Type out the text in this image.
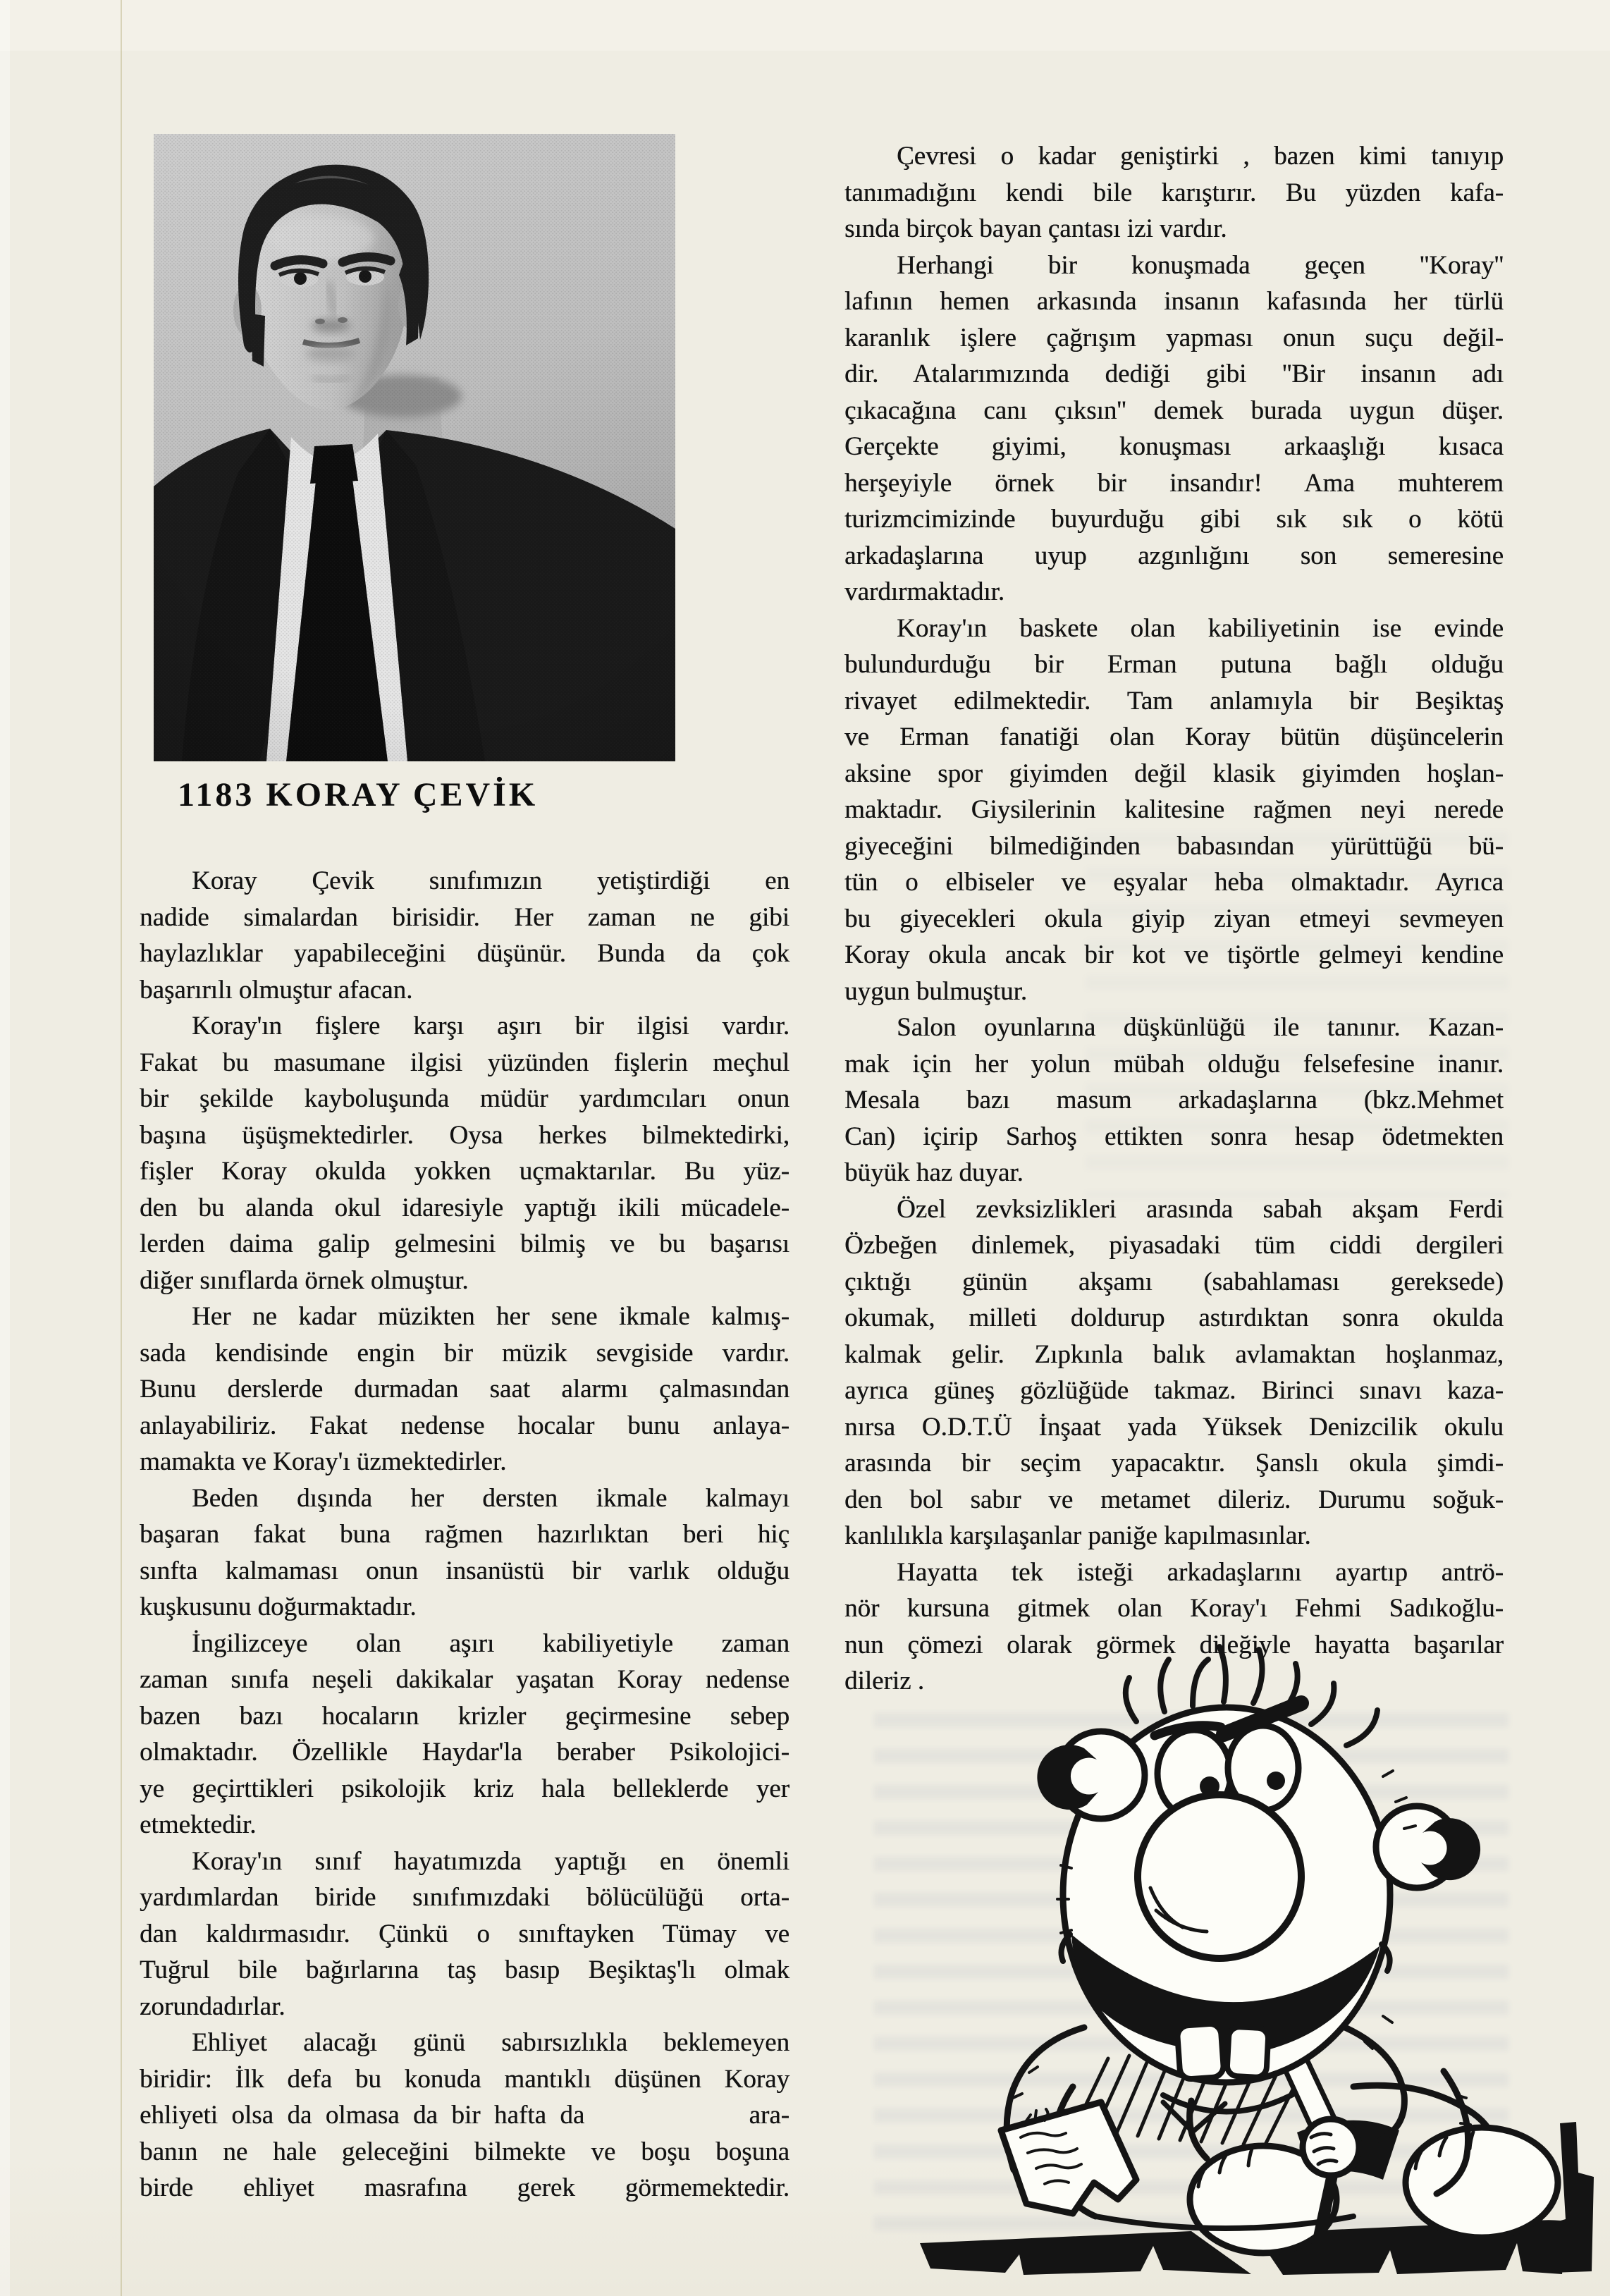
1183 KORAY ÇEVİK
Koray Çevik sınıfımızın yetiştirdiği en
nadide simalardan birisidir. Her zaman ne gibi
haylazlıklar yapabileceğini düşünür. Bunda da çok
başarırılı olmuştur afacan.
Koray'ın fişlere karşı aşırı bir ilgisi vardır.
Fakat bu masumane ilgisi yüzünden fişlerin meçhul
bir şekilde kayboluşunda müdür yardımcıları onun
başına üşüşmektedirler. Oysa herkes bilmektedirki,
fişler Koray okulda yokken uçmaktarılar. Bu yüz-
den bu alanda okul idaresiyle yaptığı ikili mücadele-
lerden daima galip gelmesini bilmiş ve bu başarısı
diğer sınıflarda örnek olmuştur.
Her ne kadar müzikten her sene ikmale kalmış-
sada kendisinde engin bir müzik sevgiside vardır.
Bunu derslerde durmadan saat alarmı çalmasından
anlayabiliriz. Fakat nedense hocalar bunu anlaya-
mamakta ve Koray'ı üzmektedirler.
Beden dışında her dersten ikmale kalmayı
başaran fakat buna rağmen hazırlıktan beri hiç
sınfta kalmaması onun insanüstü bir varlık olduğu
kuşkusunu doğurmaktadır.
İngilizceye olan aşırı kabiliyetiyle zaman
zaman sınıfa neşeli dakikalar yaşatan Koray nedense
bazen bazı hocaların krizler geçirmesine sebep
olmaktadır. Özellikle Haydar'la beraber Psikolojici-
ye geçirttikleri psikolojik kriz hala belleklerde yer
etmektedir.
Koray'ın sınıf hayatımızda yaptığı en önemli
yardımlardan biride sınıfımızdaki bölücülüğü orta-
dan kaldırmasıdır. Çünkü o sınıftayken Tümay ve
Tuğrul bile bağırlarına taş basıp Beşiktaş'lı olmak
zorundadırlar.
Ehliyet alacağı günü sabırsızlıkla beklemeyen
biridir: İlk defa bu konuda mantıklı düşünen Koray
ehliyeti olsa da olmasa da bir hafta da            ara-
banın ne hale geleceğini bilmekte ve boşu boşuna
birde ehliyet masrafına gerek görmemektedir.
Çevresi o kadar geniştirki , bazen kimi tanıyıp
tanımadığını kendi bile karıştırır. Bu yüzden kafa-
sında birçok bayan çantası izi vardır.
Herhangi bir konuşmada geçen ''Koray''
lafının hemen arkasında insanın kafasında her türlü
karanlık işlere çağrışım yapması onun suçu değil-
dir. Atalarımızında dediği gibi ''Bir insanın adı
çıkacağına canı çıksın'' demek burada uygun düşer.
Gerçekte giyimi, konuşması arkaaşlığı kısaca
herşeyiyle örnek bir insandır! Ama muhterem
turizmcimizinde buyurduğu gibi sık sık o kötü
arkadaşlarına uyup azgınlığını son semeresine
vardırmaktadır.
Koray'ın baskete olan kabiliyetinin ise evinde
bulundurduğu bir Erman putuna bağlı olduğu
rivayet edilmektedir. Tam anlamıyla bir Beşiktaş
ve Erman fanatiği olan Koray bütün düşüncelerin
aksine spor giyimden değil klasik giyimden hoşlan-
maktadır. Giysilerinin kalitesine rağmen neyi nerede
giyeceğini bilmediğinden babasından yürüttüğü bü-
tün o elbiseler ve eşyalar heba olmaktadır. Ayrıca
bu giyecekleri okula giyip ziyan etmeyi sevmeyen
Koray okula ancak bir kot ve tişörtle gelmeyi kendine
uygun bulmuştur.
Salon oyunlarına düşkünlüğü ile tanınır. Kazan-
mak için her yolun mübah olduğu felsefesine inanır.
Mesala bazı masum arkadaşlarına (bkz.Mehmet
Can) içirip Sarhoş ettikten sonra hesap ödetmekten
büyük haz duyar.
Özel zevksizlikleri arasında sabah akşam Ferdi
Özbeğen dinlemek, piyasadaki tüm ciddi dergileri
çıktığı günün akşamı (sabahlaması gereksede)
okumak, milleti doldurup astırdıktan sonra okulda
kalmak gelir. Zıpkınla balık avlamaktan hoşlanmaz,
ayrıca güneş gözlüğüde takmaz. Birinci sınavı kaza-
nırsa O.D.T.Ü İnşaat yada Yüksek Denizcilik okulu
arasında bir seçim yapacaktır. Şanslı okula şimdi-
den bol sabır ve metamet dileriz. Durumu soğuk-
kanlılıkla karşılaşanlar paniğe kapılmasınlar.
Hayatta tek isteği arkadaşlarını ayartıp antrö-
nör kursuna gitmek olan Koray'ı Fehmi Sadıkoğlu-
nun çömezi olarak görmek dileğiyle hayatta başarılar
dileriz .
